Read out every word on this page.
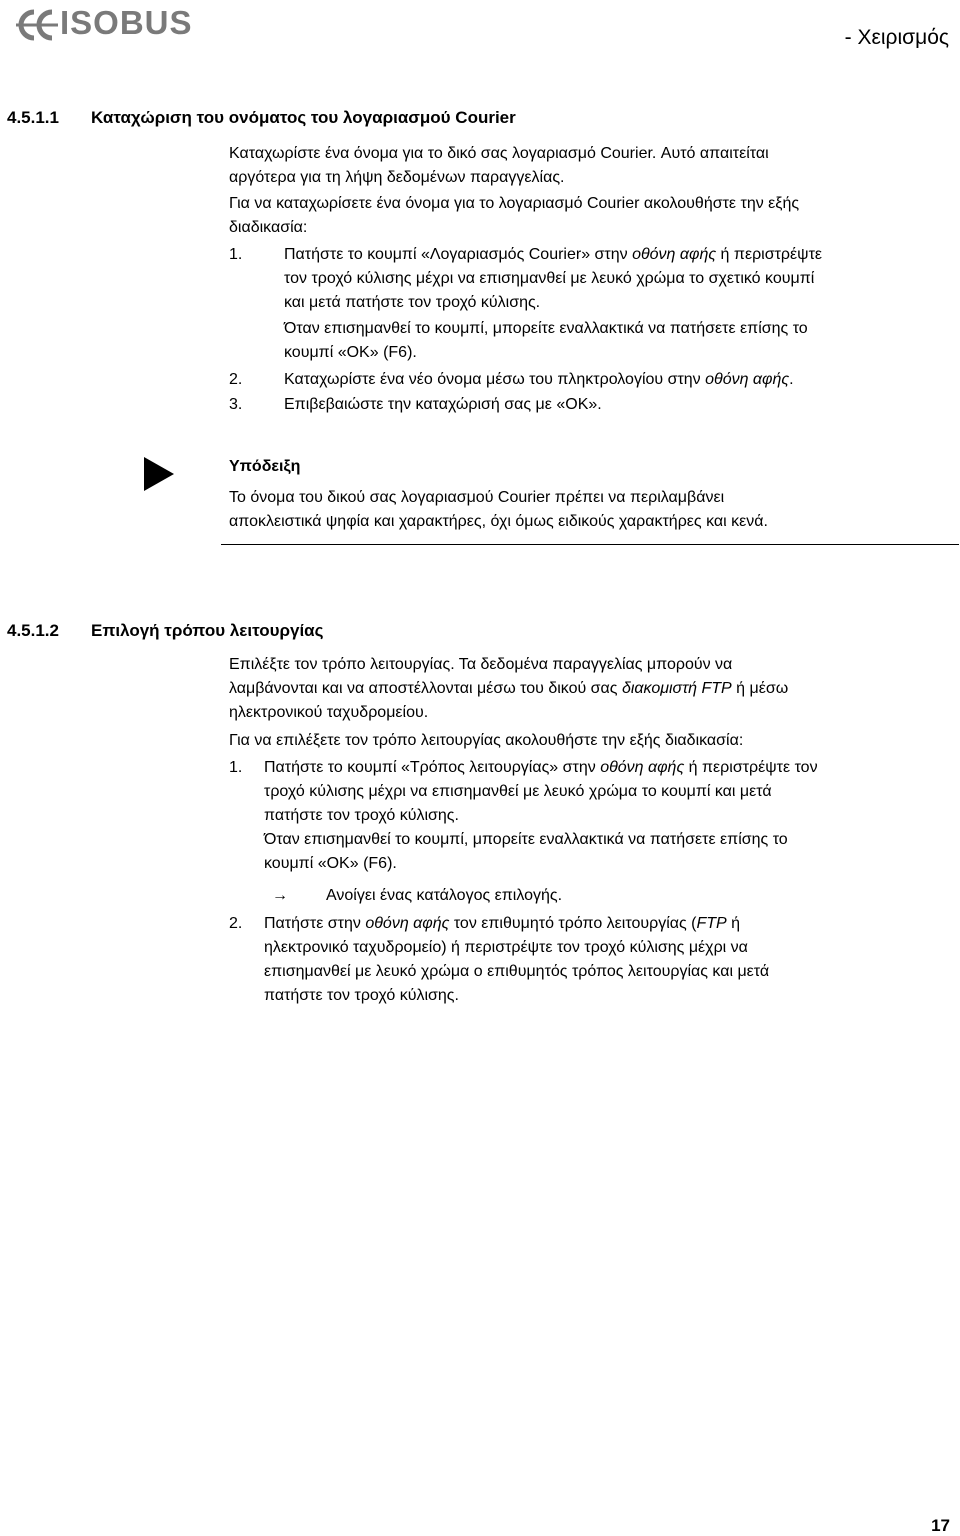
ISOBUS	- Χειρισμός
4.5.1.1 Καταχώριση του ονόματος του λογαριασμού Courier
Καταχωρίστε ένα όνομα για το δικό σας λογαριασμό Courier. Αυτό απαιτείται
αργότερα για τη λήψη δεδομένων παραγγελίας.
Για να καταχωρίσετε ένα όνομα για το λογαριασμό Courier ακολουθήστε την εξής
διαδικασία:
1.	Πατήστε το κουμπί «Λογαριασμός Courier» στην οθόνη αφής ή περιστρέψτε
τον τροχό κύλισης μέχρι να επισημανθεί με λευκό χρώμα το σχετικό κουμπί
και μετά πατήστε τον τροχό κύλισης.
Όταν επισημανθεί το κουμπί, μπορείτε εναλλακτικά να πατήσετε επίσης το
κουμπί «OK» (F6).
2.	Καταχωρίστε ένα νέο όνομα μέσω του πληκτρολογίου στην οθόνη αφής.
3.	Επιβεβαιώστε την καταχώρισή σας με «OK».
Υπόδειξη
Το όνομα του δικού σας λογαριασμού Courier πρέπει να περιλαμβάνει
αποκλειστικά ψηφία και χαρακτήρες, όχι όμως ειδικούς χαρακτήρες και κενά.
4.5.1.2 Επιλογή τρόπου λειτουργίας
Επιλέξτε τον τρόπο λειτουργίας. Τα δεδομένα παραγγελίας μπορούν να
λαμβάνονται και να αποστέλλονται μέσω του δικού σας διακομιστή FTP ή μέσω
ηλεκτρονικού ταχυδρομείου.
Για να επιλέξετε τον τρόπο λειτουργίας ακολουθήστε την εξής διαδικασία:
1. Πατήστε το κουμπί «Τρόπος λειτουργίας» στην οθόνη αφής ή περιστρέψτε τον
τροχό κύλισης μέχρι να επισημανθεί με λευκό χρώμα το κουμπί και μετά
πατήστε τον τροχό κύλισης.
Όταν επισημανθεί το κουμπί, μπορείτε εναλλακτικά να πατήσετε επίσης το
κουμπί «OK» (F6).
→ Ανοίγει ένας κατάλογος επιλογής.
2. Πατήστε στην οθόνη αφής τον επιθυμητό τρόπο λειτουργίας (FTP ή
ηλεκτρονικό ταχυδρομείο) ή περιστρέψτε τον τροχό κύλισης μέχρι να
επισημανθεί με λευκό χρώμα ο επιθυμητός τρόπος λειτουργίας και μετά
πατήστε τον τροχό κύλισης.
17
